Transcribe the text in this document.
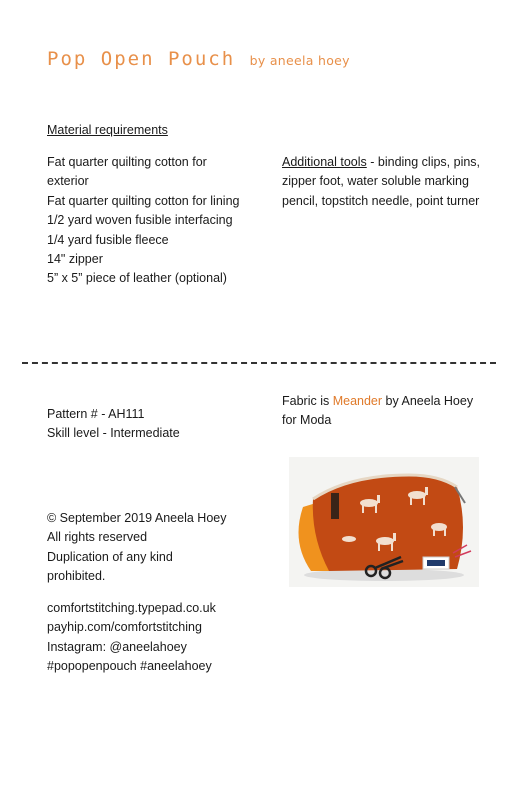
Pop Open Pouch by aneela hoey
Material requirements
Fat quarter quilting cotton for exterior
Fat quarter quilting cotton for lining
1/2 yard woven fusible interfacing
1/4 yard fusible fleece
14" zipper
5” x 5” piece of leather (optional)
Additional tools - binding clips, pins, zipper foot, water soluble marking pencil, topstitch needle, point turner
Pattern # - AH111
Skill level - Intermediate
Fabric is Meander by Aneela Hoey for Moda
© September 2019 Aneela Hoey
All rights reserved
Duplication of any kind
prohibited.
comfortstitching.typepad.co.uk
payhip.com/comfortstitching
Instagram: @aneelahoey
#popopenpouch #aneelahoey
